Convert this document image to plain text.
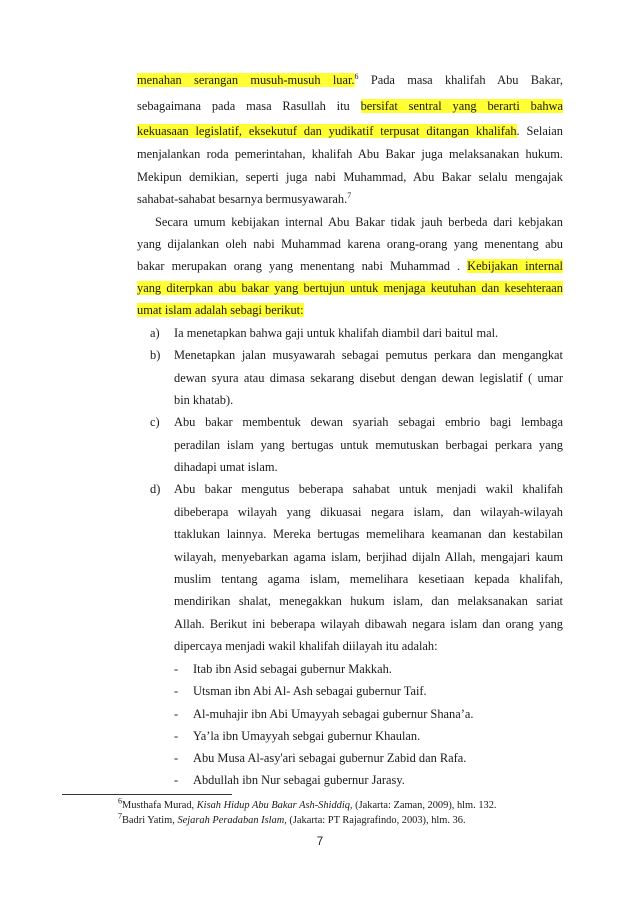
menahan serangan musuh-musuh luar.$^6$ Pada masa khalifah Abu Bakar,
sebagaimana pada masa Rasullah itu bersifat sentral yang berarti bahwa
kekuasaan legislatif, eksekutuf dan yudikatif terpusat ditangan khalifah. Selaian
menjalankan roda pemerintahan, khalifah Abu Bakar juga melaksanakan hukum.
Mekipun demikian, seperti juga nabi Muhammad, Abu Bakar selalu mengajak
sahabat-sahabat besarnya bermusyawarah.$^7$
Secara umum kebijakan internal Abu Bakar tidak jauh berbeda dari kebjakan
yang dijalankan oleh nabi Muhammad karena orang-orang yang menentang abu
bakar merupakan orang yang menentang nabi Muhammad . Kebijakan internal
yang diterpkan abu bakar yang bertujun untuk menjaga keutuhan dan kesehteraan
umat islam adalah sebagi berikut:
a) Ia menetapkan bahwa gaji untuk khalifah diambil dari baitul mal.
b) Menetapkan jalan musyawarah sebagai pemutus perkara dan mengangkat
dewan syura atau dimasa sekarang disebut dengan dewan legislatif ( umar
bin khatab).
c) Abu bakar membentuk dewan syariah sebagai embrio bagi lembaga
peradilan islam yang bertugas untuk memutuskan berbagai perkara yang
dihadapi umat islam.
d) Abu bakar mengutus beberapa sahabat untuk menjadi wakil khalifah
dibeberapa wilayah yang dikuasai negara islam, dan wilayah-wilayah
ttaklukan lainnya. Mereka bertugas memelihara keamanan dan kestabilan
wilayah, menyebarkan agama islam, berjihad dijaln Allah, mengajari kaum
muslim tentang agama islam, memelihara kesetiaan kepada khalifah,
mendirikan shalat, menegakkan hukum islam, dan melaksanakan sariat
Allah. Berikut ini beberapa wilayah dibawah negara islam dan orang yang
dipercaya menjadi wakil khalifah diilayah itu adalah:
- Itab ibn Asid sebagai gubernur Makkah.
- Utsman ibn Abi Al- Ash sebagai gubernur Taif.
- Al-muhajir ibn Abi Umayyah sebagai gubernur Shana’a.
- Ya’la ibn Umayyah sebgai gubernur Khaulan.
- Abu Musa Al-asy'ari sebagai gubernur Zabid dan Rafa.
- Abdullah ibn Nur sebagai gubernur Jarasy.
$^6$Musthafa Murad, Kisah Hidup Abu Bakar Ash-Shiddiq, (Jakarta: Zaman, 2009), hlm. 132.
$^7$Badri Yatim, Sejarah Peradaban Islam, (Jakarta: PT Rajagrafindo, 2003), hlm. 36.
7
